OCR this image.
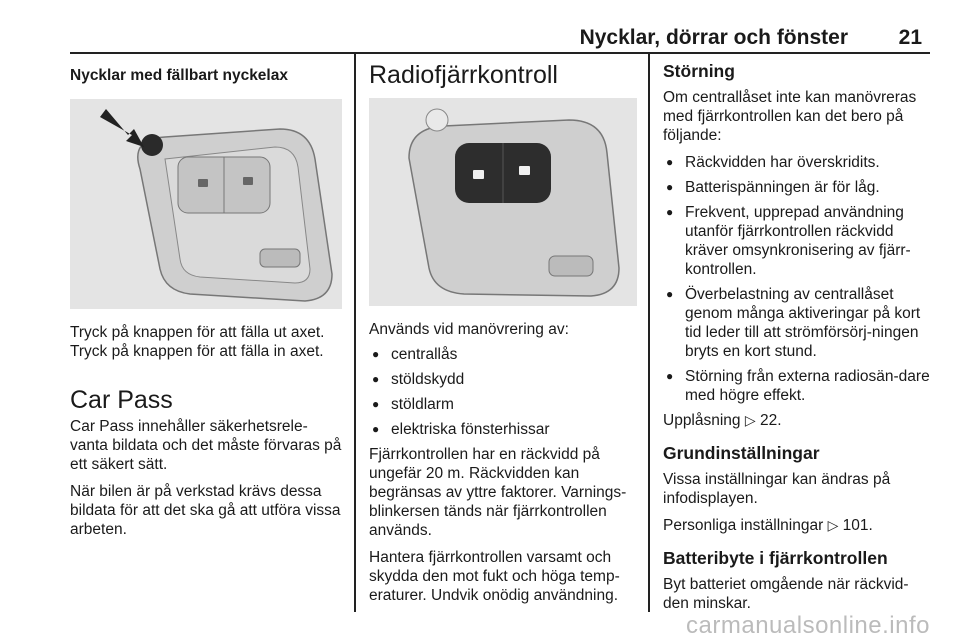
Nycklar, dörrar och fönster 21
Nycklar med fällbart nyckelax

Tryck på knappen för att fälla ut axet.
Tryck på knappen för att fälla in axet.

Car Pass

Car Pass innehåller säkerhetsrele-vanta bildata och det måste förvaras på ett säkert sätt.

När bilen är på verkstad krävs dessa bildata för att det ska gå att utföra vissa arbeten.

Radiofjärrkontroll

Används vid manövrering av:

● centrallås
● stöldskydd
● stöldlarm
● elektriska fönsterhissar

Fjärrkontrollen har en räckvidd på ungefär 20 m. Räckvidden kan begränsas av yttre faktorer. Varnings-blinkersen tänds när fjärrkontrollen används.

Hantera fjärrkontrollen varsamt och skydda den mot fukt och höga temp-eraturer. Undvik onödig användning.

Störning

Om centrallåset inte kan manövreras med fjärrkontrollen kan det bero på följande:

● Räckvidden har överskridits.
● Batterispänningen är för låg.
● Frekvent, upprepad användning utanför fjärrkontrollen räckvidd kräver omsynkronisering av fjärr-kontrollen.
● Överbelastning av centrallåset genom många aktiveringar på kort tid leder till att strömförsörj-ningen bryts en kort stund.
● Störning från externa radiosän-dare med högre effekt.

Upplåsning ▷ 22.

Grundinställningar

Vissa inställningar kan ändras på infodisplayen.

Personliga inställningar ▷ 101.

Batteribyte i fjärrkontrollen

Byt batteriet omgående när räckvid-den minskar.

carmanualsonline.info
